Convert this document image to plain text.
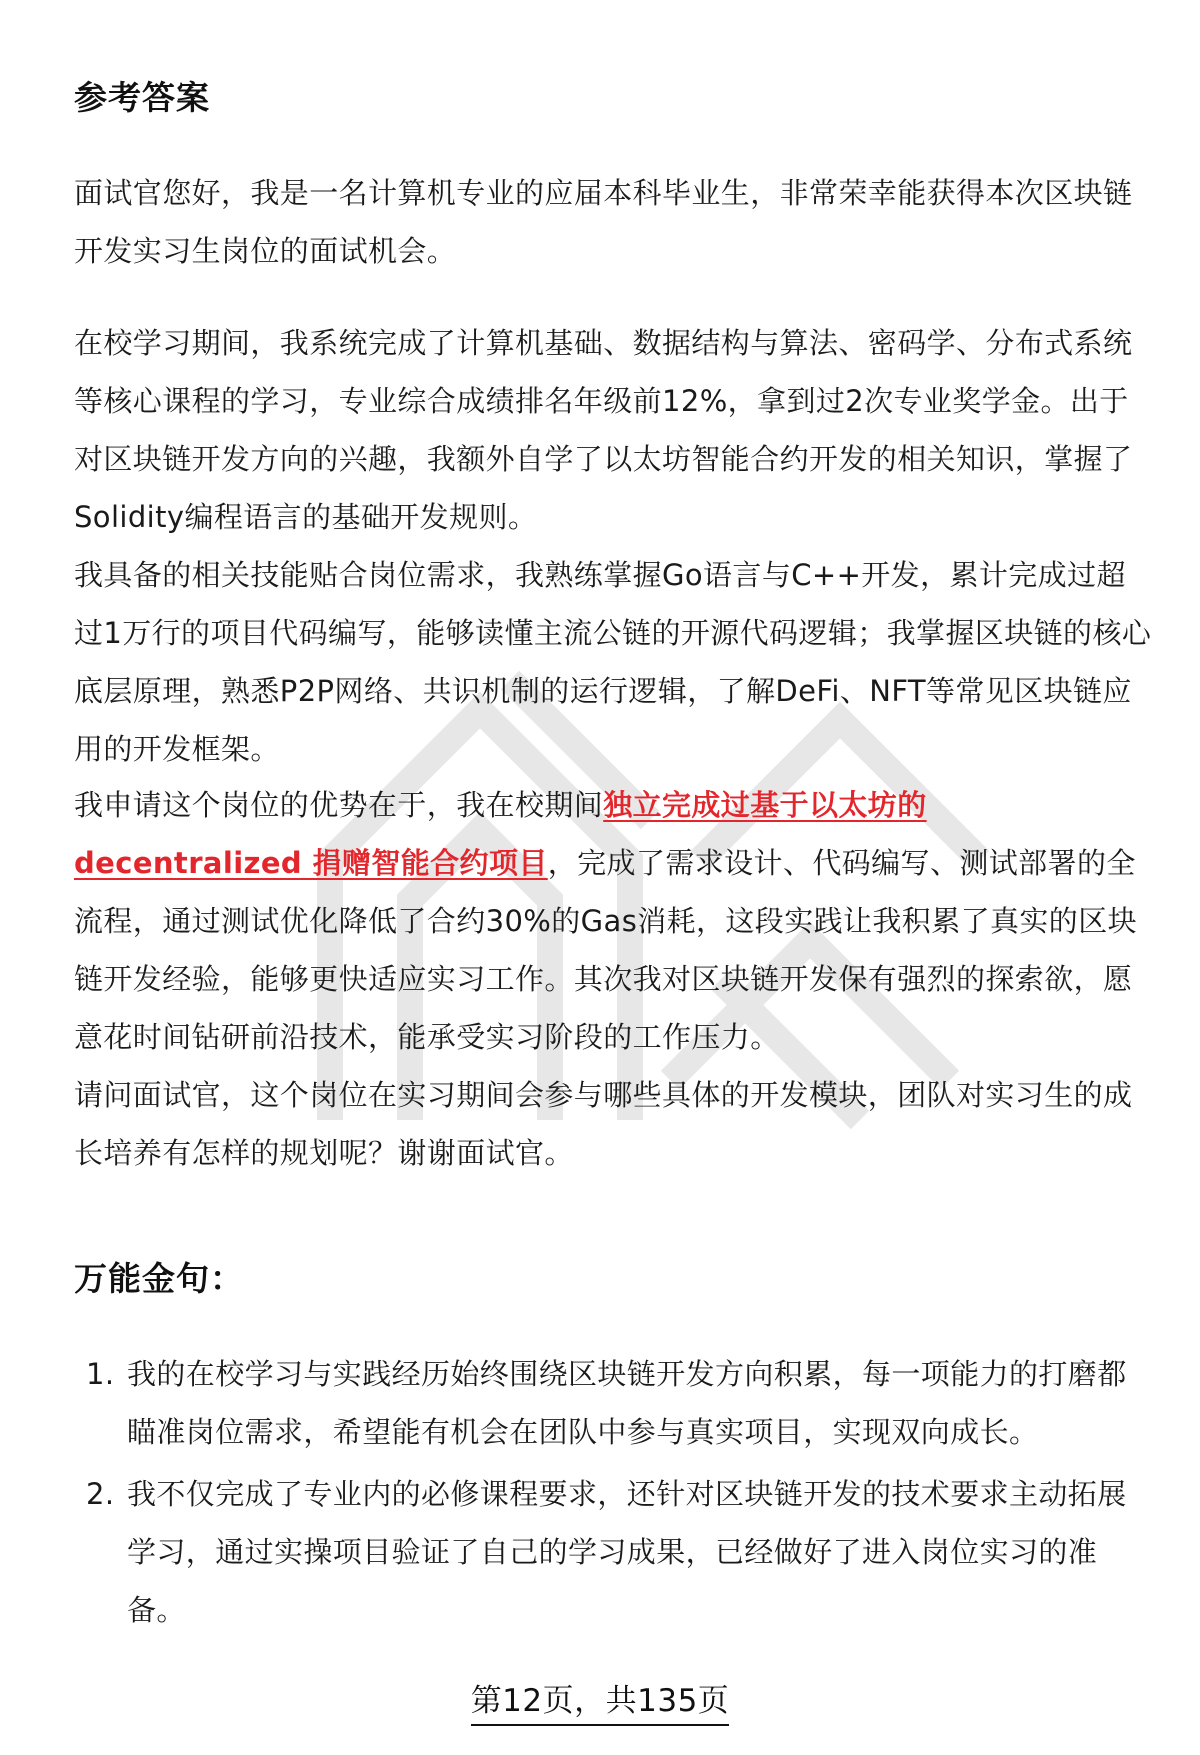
参考答案

面试官您好，我是一名计算机专业的应届本科毕业生，非常荣幸能获得本次区块链开发实习生岗位的面试机会。

在校学习期间，我系统完成了计算机基础、数据结构与算法、密码学、分布式系统等核心课程的学习，专业综合成绩排名年级前12%，拿到过2次专业奖学金。出于对区块链开发方向的兴趣，我额外自学了以太坊智能合约开发的相关知识，掌握了Solidity编程语言的基础开发规则。

我具备的相关技能贴合岗位需求，我熟练掌握Go语言与C++开发，累计完成过超过1万行的项目代码编写，能够读懂主流公链的开源代码逻辑；我掌握区块链的核心底层原理，熟悉P2P网络、共识机制的运行逻辑，了解DeFi、NFT等常见区块链应用的开发框架。

我申请这个岗位的优势在于，我在校期间独立完成过基于以太坊的 decentralized 捐赠智能合约项目，完成了需求设计、代码编写、测试部署的全流程，通过测试优化降低了合约30%的Gas消耗，这段实践让我积累了真实的区块链开发经验，能够更快适应实习工作。其次我对区块链开发保有强烈的探索欲，愿意花时间钻研前沿技术，能承受实习阶段的工作压力。

请问面试官，这个岗位在实习期间会参与哪些具体的开发模块，团队对实习生的成长培养有怎样的规划呢？谢谢面试官。

万能金句：
1. 我的在校学习与实践经历始终围绕区块链开发方向积累，每一项能力的打磨都瞄准岗位需求，希望能有机会在团队中参与真实项目，实现双向成长。
2. 我不仅完成了专业内的必修课程要求，还针对区块链开发的技术要求主动拓展学习，通过实操项目验证了自己的学习成果，已经做好了进入岗位实习的准备。
第12页，共135页
